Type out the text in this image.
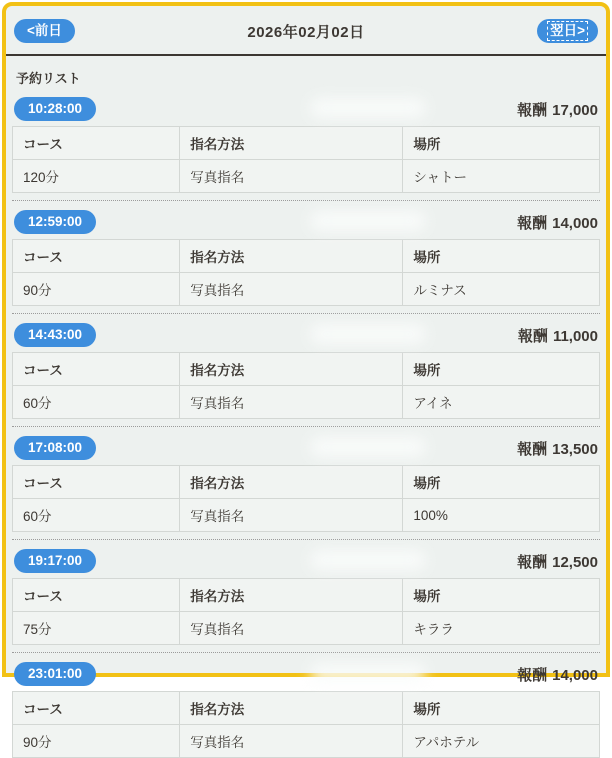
<前日	2026年02月02日	翌日>
予約リスト
10:28:00	報酬 17,000
コース	指名方法	場所
120分	写真指名	シャトー
12:59:00	報酬 14,000
コース	指名方法	場所
90分	写真指名	ルミナス
14:43:00	報酬 11,000
コース	指名方法	場所
60分	写真指名	アイネ
17:08:00	報酬 13,500
コース	指名方法	場所
60分	写真指名	100%
19:17:00	報酬 12,500
コース	指名方法	場所
75分	写真指名	キララ
23:01:00	報酬 14,000
コース	指名方法	場所
90分	写真指名	アパホテル
